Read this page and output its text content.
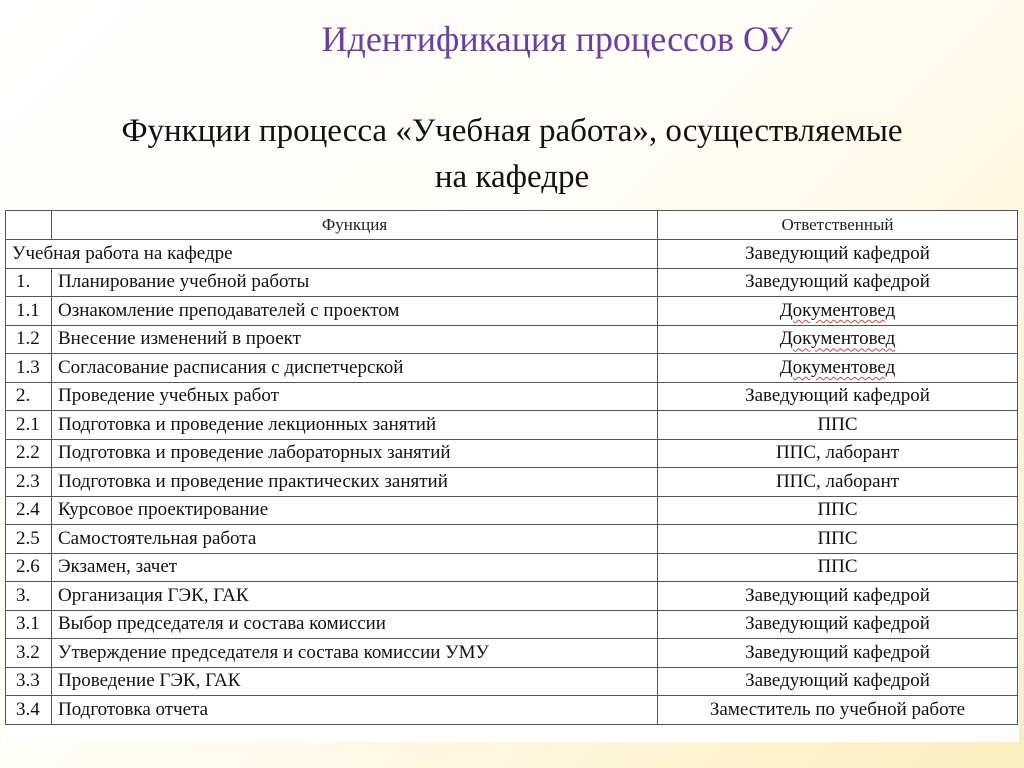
Идентификация процессов ОУ
Функции процесса «Учебная работа», осуществляемые
на кафедре
	Функция	Ответственный
Учебная работа на кафедре		Заведующий кафедрой
1.	Планирование учебной работы	Заведующий кафедрой
1.1	Ознакомление преподавателей с проектом	Документовед
1.2	Внесение изменений в проект	Документовед
1.3	Согласование расписания с диспетчерской	Документовед
2.	Проведение учебных работ	Заведующий кафедрой
2.1	Подготовка и проведение лекционных занятий	ППС
2.2	Подготовка и проведение лабораторных занятий	ППС, лаборант
2.3	Подготовка и проведение практических занятий	ППС, лаборант
2.4	Курсовое проектирование	ППС
2.5	Самостоятельная работа	ППС
2.6	Экзамен, зачет	ППС
3.	Организация ГЭК, ГАК	Заведующий кафедрой
3.1	Выбор председателя и состава комиссии	Заведующий кафедрой
3.2	Утверждение председателя и состава комиссии УМУ	Заведующий кафедрой
3.3	Проведение ГЭК, ГАК	Заведующий кафедрой
3.4	Подготовка отчета	Заместитель по учебной работе
